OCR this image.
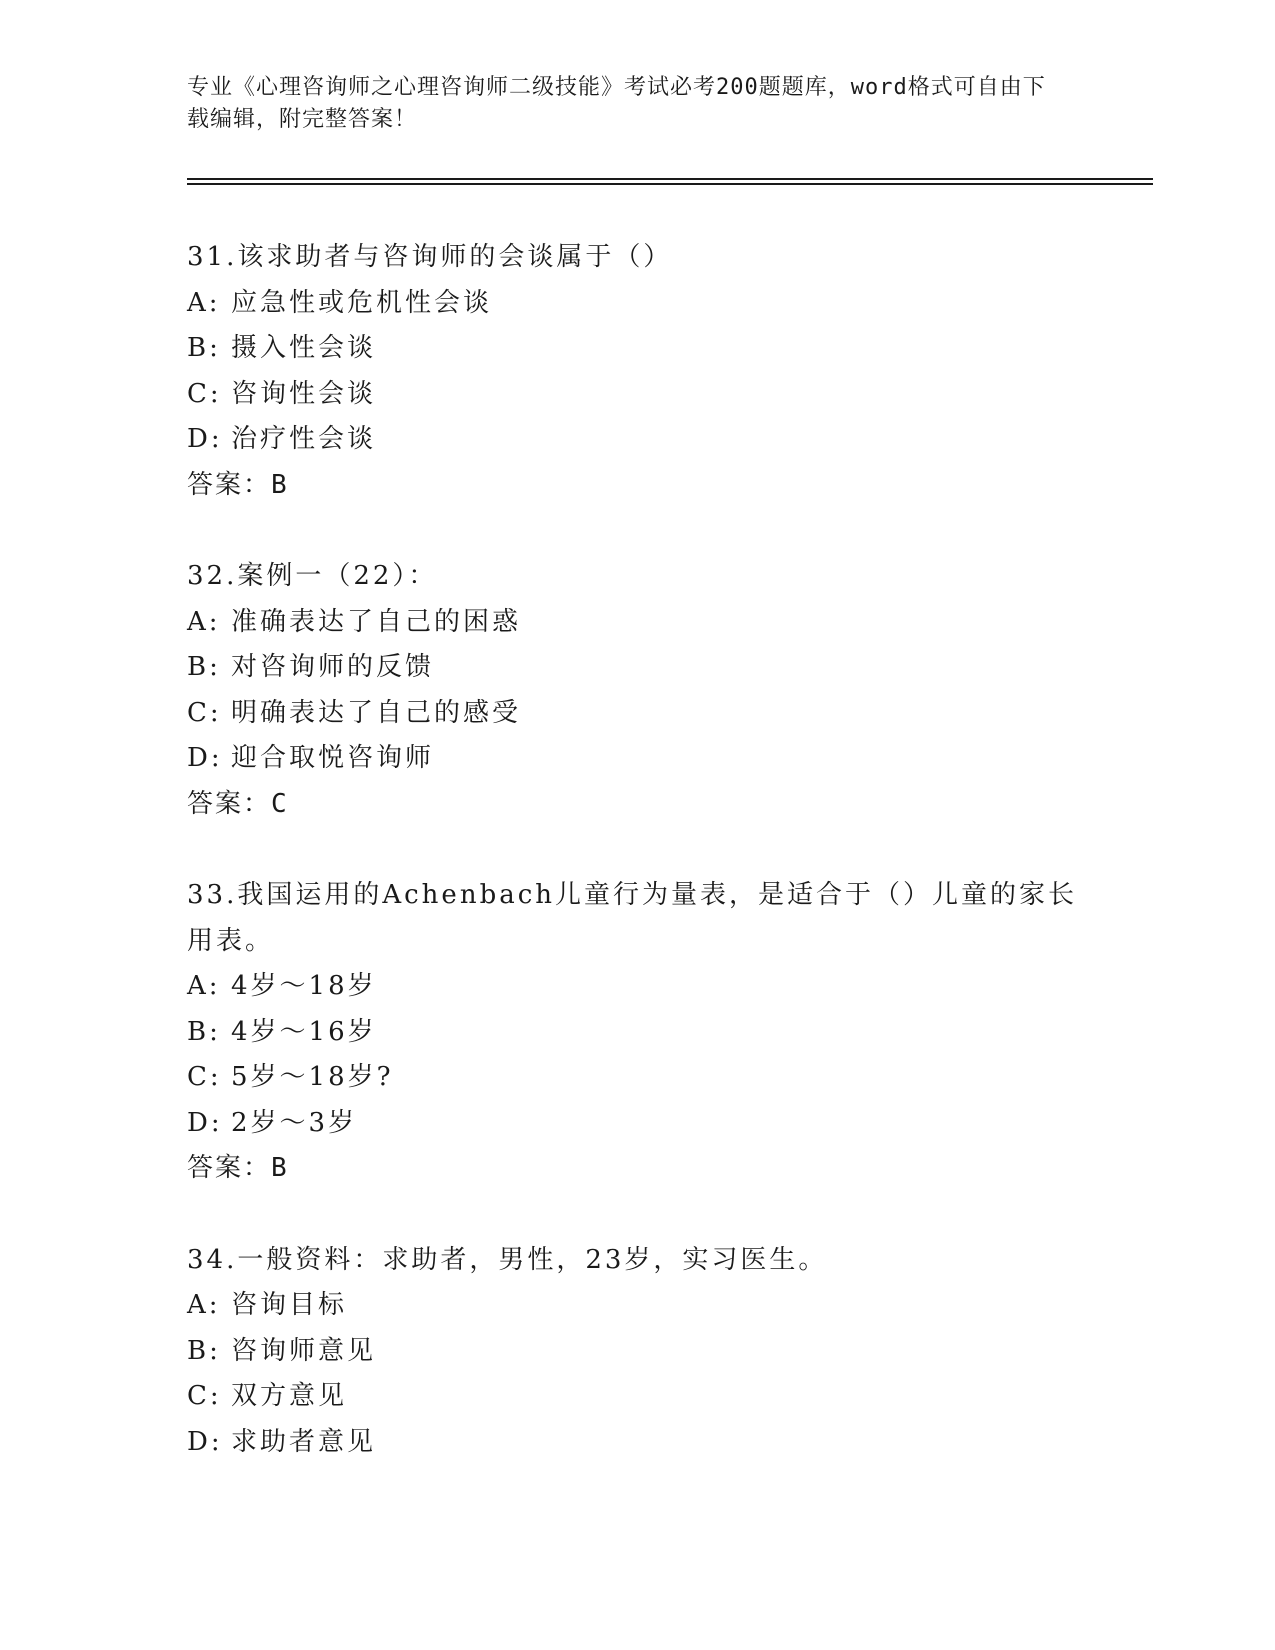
专业《心理咨询师之心理咨询师二级技能》考试必考200题题库，word格式可自由下载编辑，附完整答案！

31.该求助者与咨询师的会谈属于（）
A: 应急性或危机性会谈
B: 摄入性会谈
C: 咨询性会谈
D: 治疗性会谈
答案：B
32.案例一（22）：
A: 准确表达了自己的困惑
B: 对咨询师的反馈
C: 明确表达了自己的感受
D: 迎合取悦咨询师
答案：C
33.我国运用的Achenbach儿童行为量表，是适合于（）儿童的家长用表。
A: 4岁～18岁
B: 4岁～16岁
C: 5岁～18岁?
D: 2岁～3岁
答案：B
34.一般资料：求助者，男性，23岁，实习医生。
A: 咨询目标
B: 咨询师意见
C: 双方意见
D: 求助者意见
